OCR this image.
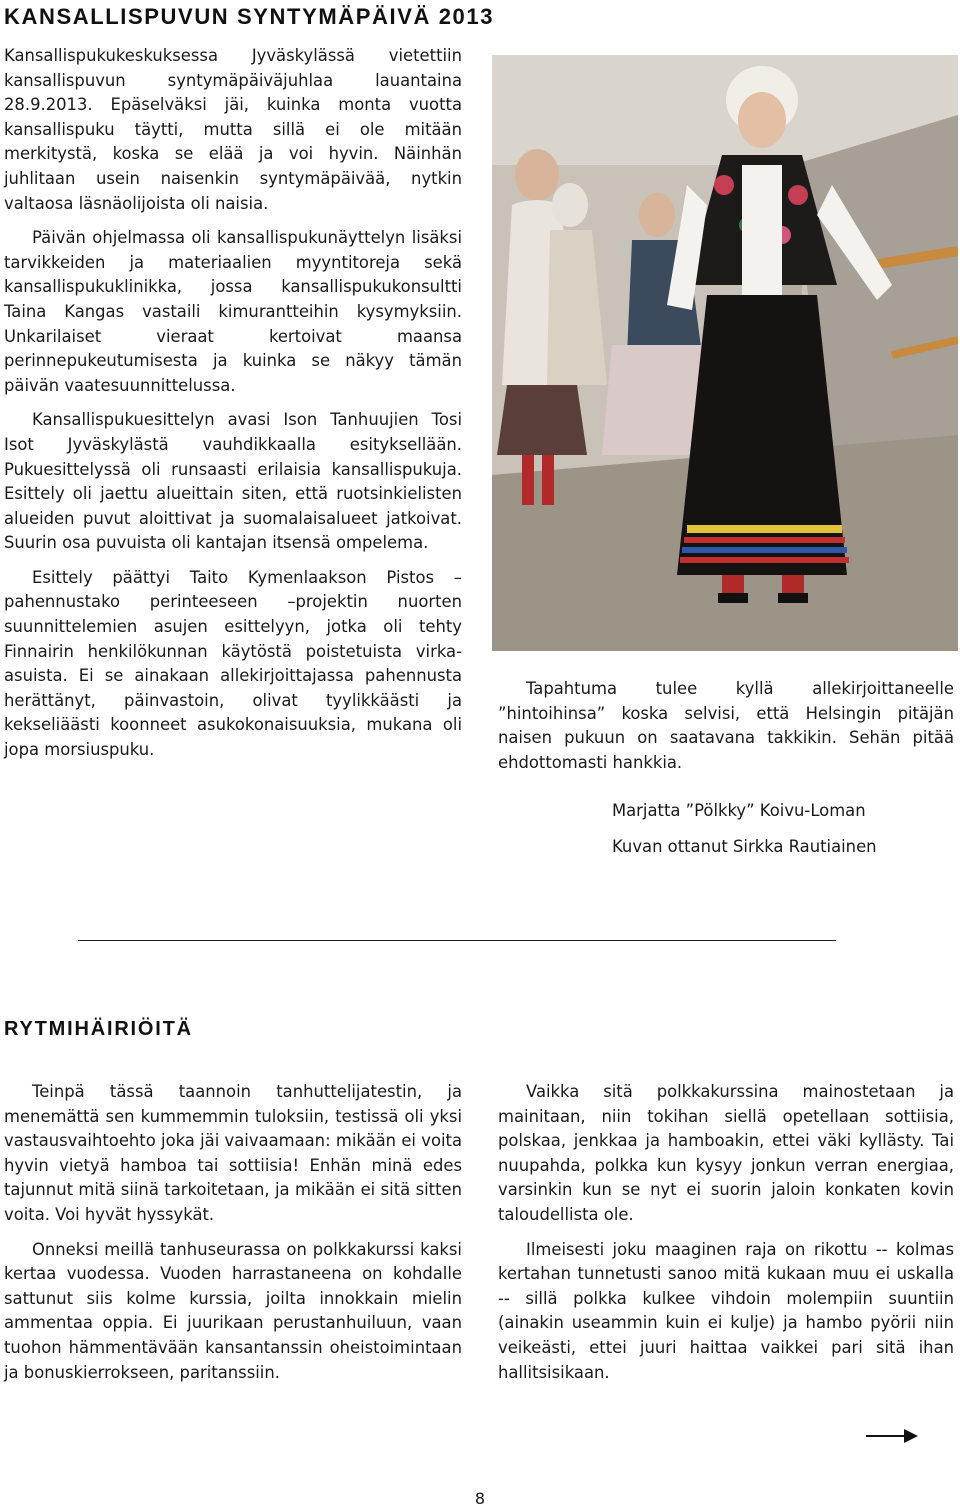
KANSALLISPUVUN SYNTYMÄPÄIVÄ 2013

Kansallispukukeskuksessa Jyväskylässä vietettiin kansallispuvun syntymäpäiväjuhlaa lauantaina 28.9.2013. Epäselväksi jäi, kuinka monta vuotta kansallispuku täytti, mutta sillä ei ole mitään merkitystä, koska se elää ja voi hyvin. Näinhän juhlitaan usein naisenkin syntymäpäivää, nytkin valtaosa läsnäolijoista oli naisia.

Päivän ohjelmassa oli kansallispukunäyttelyn lisäksi tarvikkeiden ja materiaalien myyntitoreja sekä kansallispukuklinikka, jossa kansallispukukonsultti Taina Kangas vastaili kimurantteihin kysymyksiin. Unkarilaiset vieraat kertoivat maansa perinnepukeutumisesta ja kuinka se näkyy tämän päivän vaatesuunnittelussa.

Kansallispukuesittelyn avasi Ison Tanhuujien Tosi Isot Jyväskylästä vauhdikkaalla esityksellään. Pukuesittelyssä oli runsaasti erilaisia kansallispukuja. Esittely oli jaettu alueittain siten, että ruotsinkielisten alueiden puvut aloittivat ja suomalaisalueet jatkoivat. Suurin osa puvuista oli kantajan itsensä ompelema.

Esittely päättyi Taito Kymenlaakson Pistos – pahennustako perinteeseen –projektin nuorten suunnittelemien asujen esittelyyn, jotka oli tehty Finnairin henkilökunnan käytöstä poistetuista virka-asuista. Ei se ainakaan allekirjoittajassa pahennusta herättänyt, päinvastoin, olivat tyylikkäästi ja kekseliäästi koonneet asukokonaisuuksia, mukana oli jopa morsiuspuku.

Tapahtuma tulee kyllä allekirjoittaneelle ”hintoihinsa” koska selvisi, että Helsingin pitäjän naisen pukuun on saatavana takkikin. Sehän pitää ehdottomasti hankkia.

Marjatta ”Pölkky” Koivu-Loman
Kuvan ottanut Sirkka Rautiainen
RYTMIHÄIRIÖITÄ

Teinpä tässä taannoin tanhuttelijatestin, ja menemättä sen kummemmin tuloksiin, testissä oli yksi vastausvaihtoehto joka jäi vaivaamaan: mikään ei voita hyvin vietyä hamboa tai sottiisia! Enhän minä edes tajunnut mitä siinä tarkoitetaan, ja mikään ei sitä sitten voita. Voi hyvät hyssykät.

Onneksi meillä tanhuseurassa on polkkakurssi kaksi kertaa vuodessa. Vuoden harrastaneena on kohdalle sattunut siis kolme kurssia, joilta innokkain mielin ammentaa oppia. Ei juurikaan perustanhuiluun, vaan tuohon hämmentävään kansantanssin oheistoimintaan ja bonuskierrokseen, paritanssiin.

Vaikka sitä polkkakurssina mainostetaan ja mainitaan, niin tokihan siellä opetellaan sottiisia, polskaa, jenkkaa ja hamboakin, ettei väki kyllästy. Tai nuupahda, polkka kun kysyy jonkun verran energiaa, varsinkin kun se nyt ei suorin jaloin konkaten kovin taloudellista ole.

Ilmeisesti joku maaginen raja on rikottu -- kolmas kertahan tunnetusti sanoo mitä kukaan muu ei uskalla -- sillä polkka kulkee vihdoin molempiin suuntiin (ainakin useammin kuin ei kulje) ja hambo pyörii niin veikeästi, ettei juuri haittaa vaikkei pari sitä ihan hallitsisikaan.

8
